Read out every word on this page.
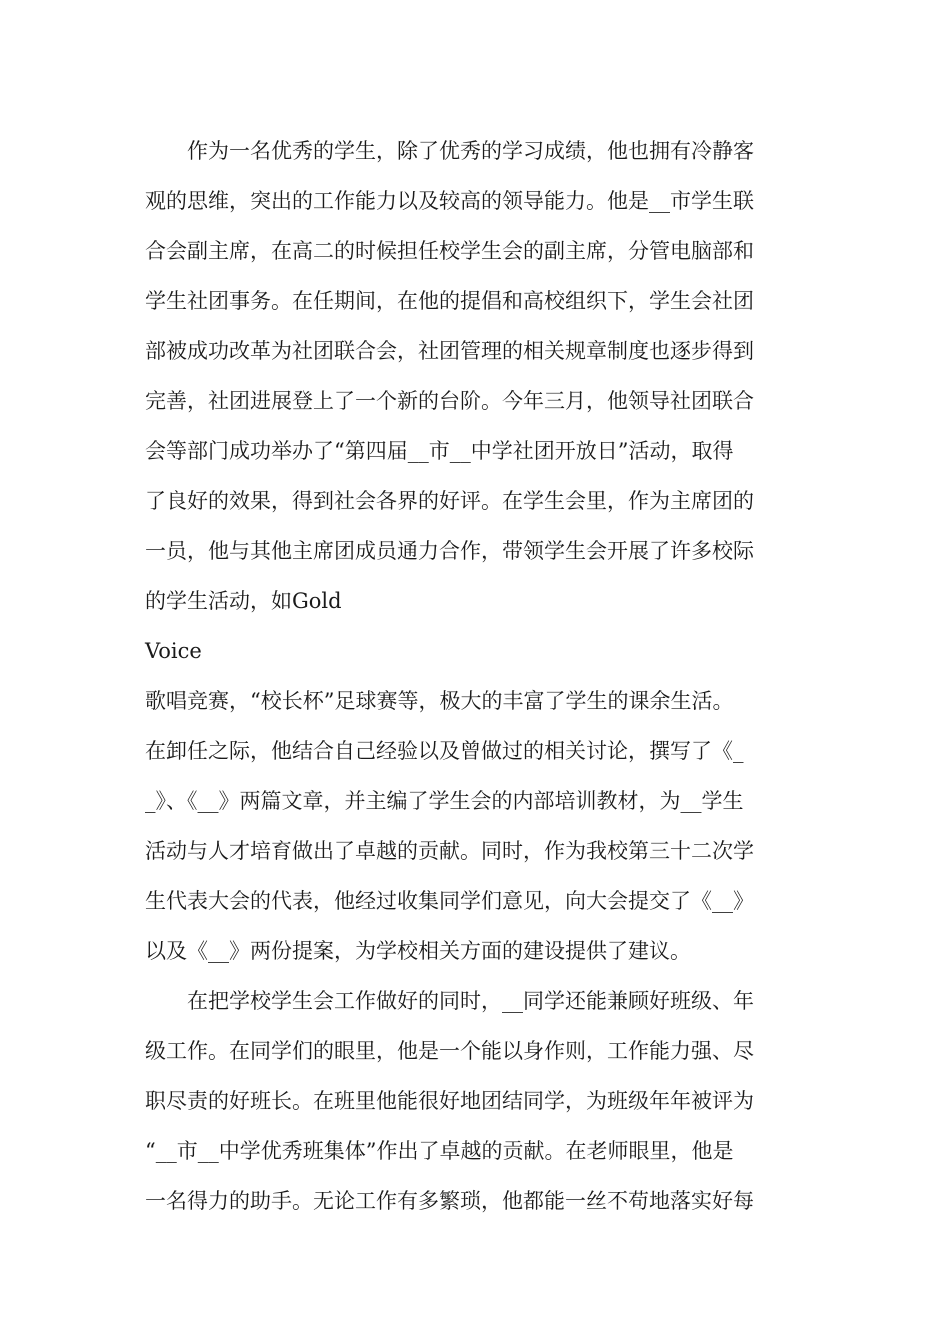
作为一名优秀的学生，除了优秀的学习成绩，他也拥有冷静客
观的思维，突出的工作能力以及较高的领导能力。他是__市学生联
合会副主席，在高二的时候担任校学生会的副主席，分管电脑部和
学生社团事务。在任期间，在他的提倡和高校组织下，学生会社团
部被成功改革为社团联合会，社团管理的相关规章制度也逐步得到
完善，社团进展登上了一个新的台阶。今年三月，他领导社团联合
会等部门成功举办了“第四届__市__中学社团开放日”活动，取得
了良好的效果，得到社会各界的好评。在学生会里，作为主席团的
一员，他与其他主席团成员通力合作，带领学生会开展了许多校际
的学生活动，如Gold
Voice
歌唱竞赛，“校长杯”足球赛等，极大的丰富了学生的课余生活。
在卸任之际，他结合自己经验以及曾做过的相关讨论，撰写了《_
_》、《__》两篇文章，并主编了学生会的内部培训教材，为__学生
活动与人才培育做出了卓越的贡献。同时，作为我校第三十二次学
生代表大会的代表，他经过收集同学们意见，向大会提交了《__》
以及《__》两份提案，为学校相关方面的建设提供了建议。
在把学校学生会工作做好的同时，__同学还能兼顾好班级、年
级工作。在同学们的眼里，他是一个能以身作则，工作能力强、尽
职尽责的好班长。在班里他能很好地团结同学，为班级年年被评为
“__市__中学优秀班集体”作出了卓越的贡献。在老师眼里，他是
一名得力的助手。无论工作有多繁琐，他都能一丝不苟地落实好每
